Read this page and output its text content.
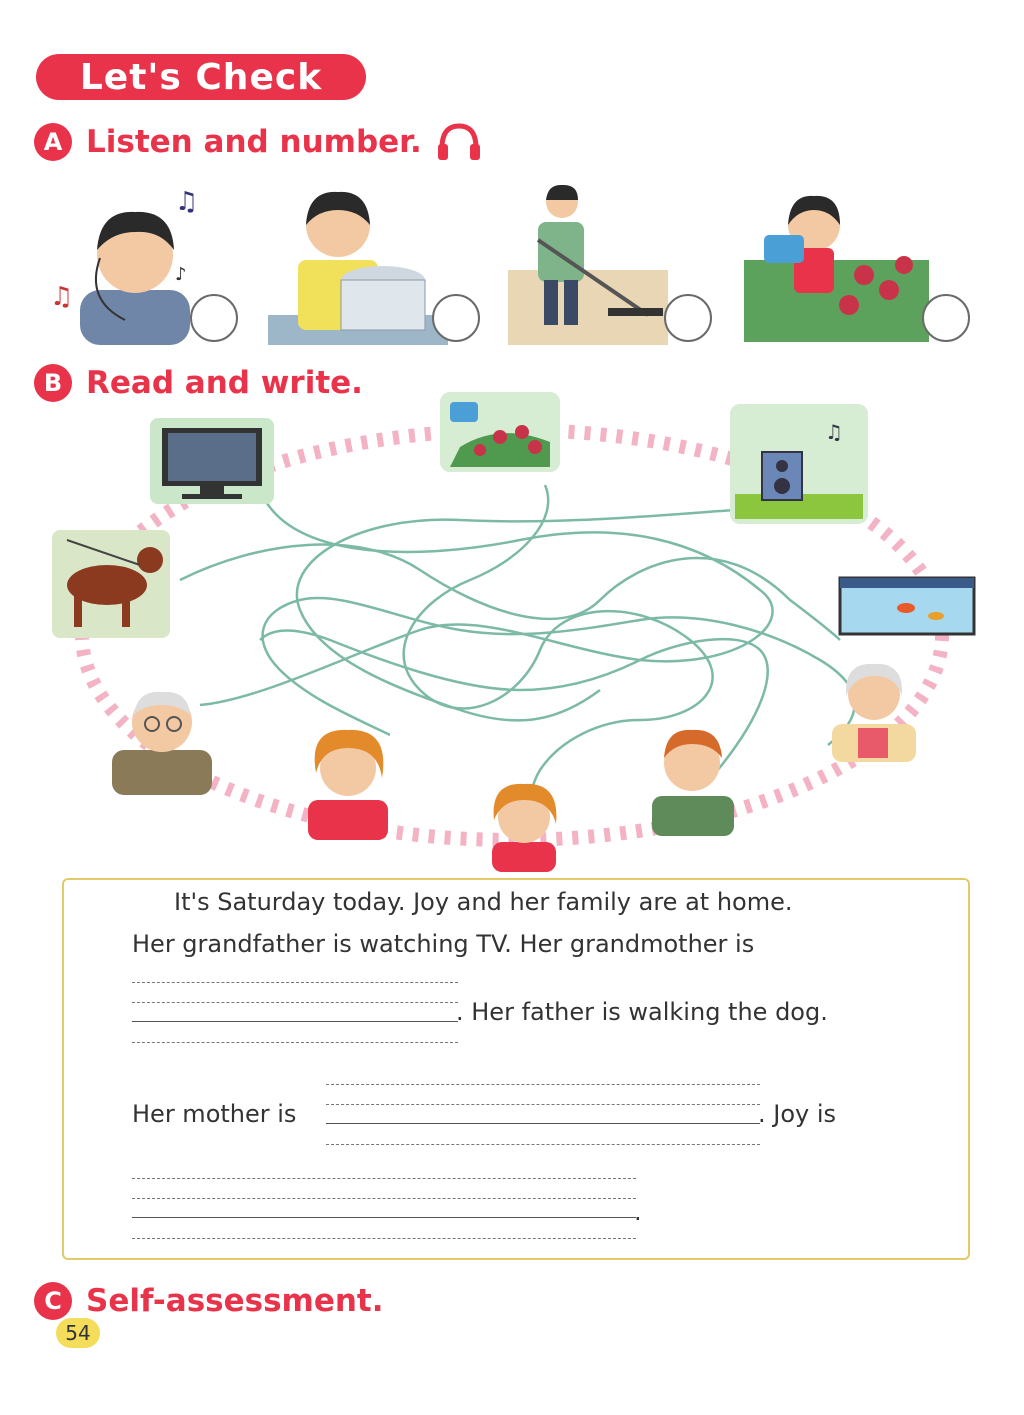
Let's Check
A Listen and number.
♫
♫
♪
B Read and write.
♫
It's Saturday today. Joy and her family are at home.
Her grandfather is watching TV. Her grandmother is
. Her father is walking the dog.
Her mother is	. Joy is
.
C Self-assessment.
54
